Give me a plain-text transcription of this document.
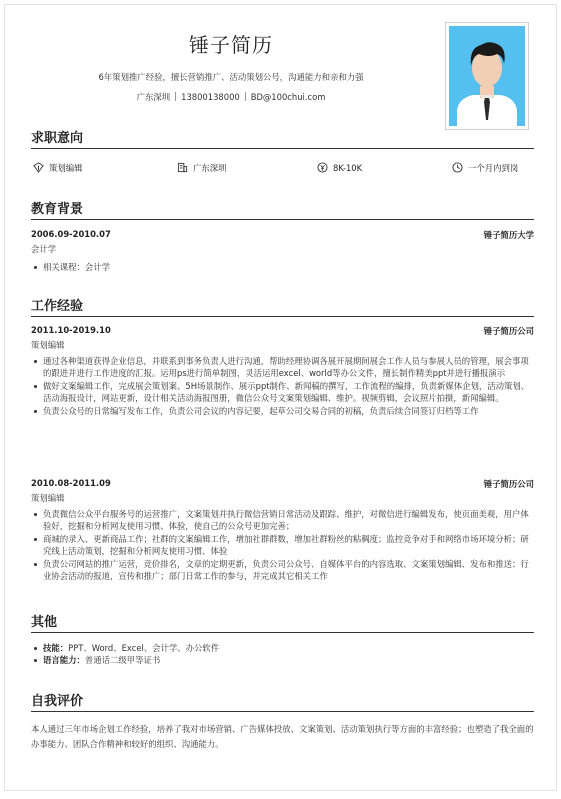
锤子简历
6年策划推广经验，擅长营销推广、活动策划公号，沟通能力和亲和力强
广东深圳 13800138000 BD@100chui.com
求职意向
策划编辑	广东深圳	8K-10K	一个月内到岗
教育背景
2006.09-2010.07	锤子简历大学
会计学
相关课程：会计学
工作经验
2011.10-2019.10	锤子简历公司
策划编辑
通过各种渠道获得企业信息，并联系到事务负责人进行沟通，帮助经理协调各展开展期间展会工作人员与参展人员的管理，展会事项的跟进并进行工作进度的汇报。运用ps进行简单制图，灵活运用excel、world等办公文件，擅长制作精美ppt并进行播报演示
做好文案编辑工作，完成展会策划案、5H场景制作、展示ppt制作、新闻稿的撰写，工作流程的编排，负责新媒体企划，活动策划、活动海报设计，网站更新，设计相关活动海报图册，微信公众号文案策划编辑、维护。视频剪辑，会议照片拍摄，新闻编辑。
负责公众号的日常编写发布工作，负责公司会议的内容记要，起草公司交易合同的初稿，负责后续合同签订归档等工作
2010.08-2011.09	锤子简历公司
策划编辑
负责微信公众平台服务号的运营推广，文案策划并执行微信营销日常活动及跟踪、维护，对微信进行编辑发布，使页面美观，用户体验好，挖掘和分析网友使用习惯、体验，使自己的公众号更加完善；
商城的录入、更新商品工作；社群的文案编辑工作，增加社群群数，增加社群粉丝的粘稠度；监控竞争对手和网络市场环境分析；研究线上活动策划，挖掘和分析网友使用习惯、体验
负责公司网站的推广运营，竞价排名，文章的定期更新，负责公司公众号、自媒体平台的内容选取、文案策划编辑、发布和推送；行业协会活动的报道，宣传和推广；部门日常工作的参与，并完成其它相关工作
其他
技能：PPT、Word、Excel、会计学、办公软件
语言能力：普通话二级甲等证书
自我评价
本人通过三年市场企划工作经验，培养了我对市场营销、广告媒体投放、文案策划、活动策划执行等方面的丰富经验；也塑造了我全面的办事能力、团队合作精神和较好的组织、沟通能力。
